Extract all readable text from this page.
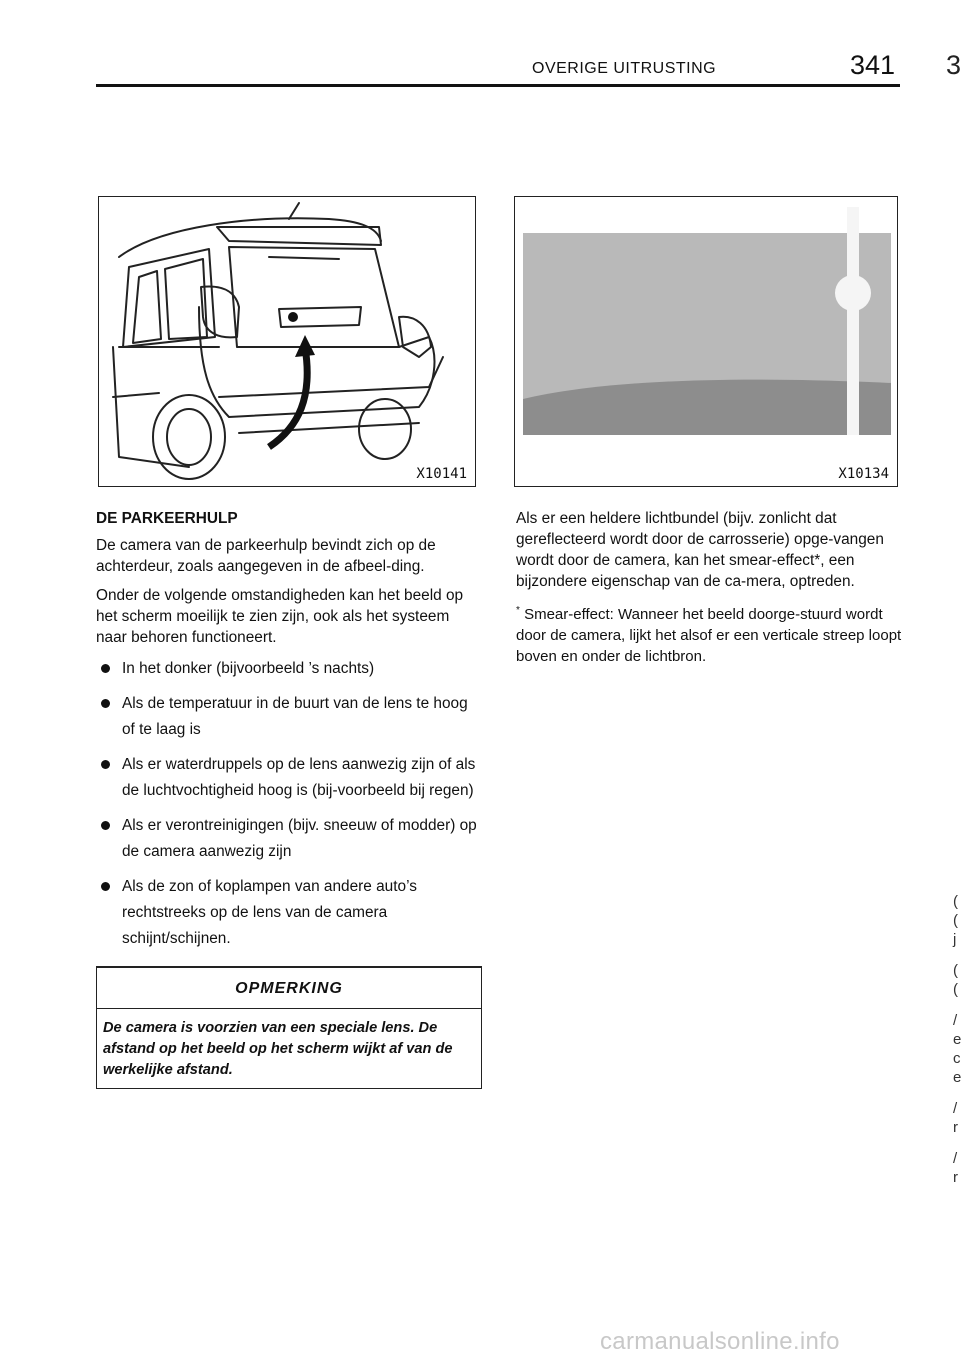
OVERIGE UITRUSTING	341 3
X10141	X10134

DE PARKEERHULP

De camera van de parkeerhulp bevindt zich op de achterdeur, zoals aangegeven in de afbeel-ding.

Onder de volgende omstandigheden kan het beeld op het scherm moeilijk te zien zijn, ook als het systeem naar behoren functioneert.

In het donker (bijvoorbeeld ’s nachts)
Als de temperatuur in de buurt van de lens te hoog of te laag is
Als er waterdruppels op de lens aanwezig zijn of als de luchtvochtigheid hoog is (bij-voorbeeld bij regen)
Als er verontreinigingen (bijv. sneeuw of modder) op de camera aanwezig zijn
Als de zon of koplampen van andere auto’s rechtstreeks op de lens van de camera schijnt/schijnen.
OPMERKING
De camera is voorzien van een speciale lens. De afstand op het beeld op het scherm wijkt af van de werkelijke afstand.

Als er een heldere lichtbundel (bijv. zonlicht dat gereflecteerd wordt door de carrosserie) opge-vangen wordt door de camera, kan het smear‑effect*, een bijzondere eigenschap van de ca-mera, optreden.

* Smear‑effect: Wanneer het beeld doorge-stuurd wordt door de camera, lijkt het alsof er een verticale streep loopt boven en onder de lichtbron.

(
(
j
(
(
/
e
c
e
/
r
/
r
carmanualsonline.info
